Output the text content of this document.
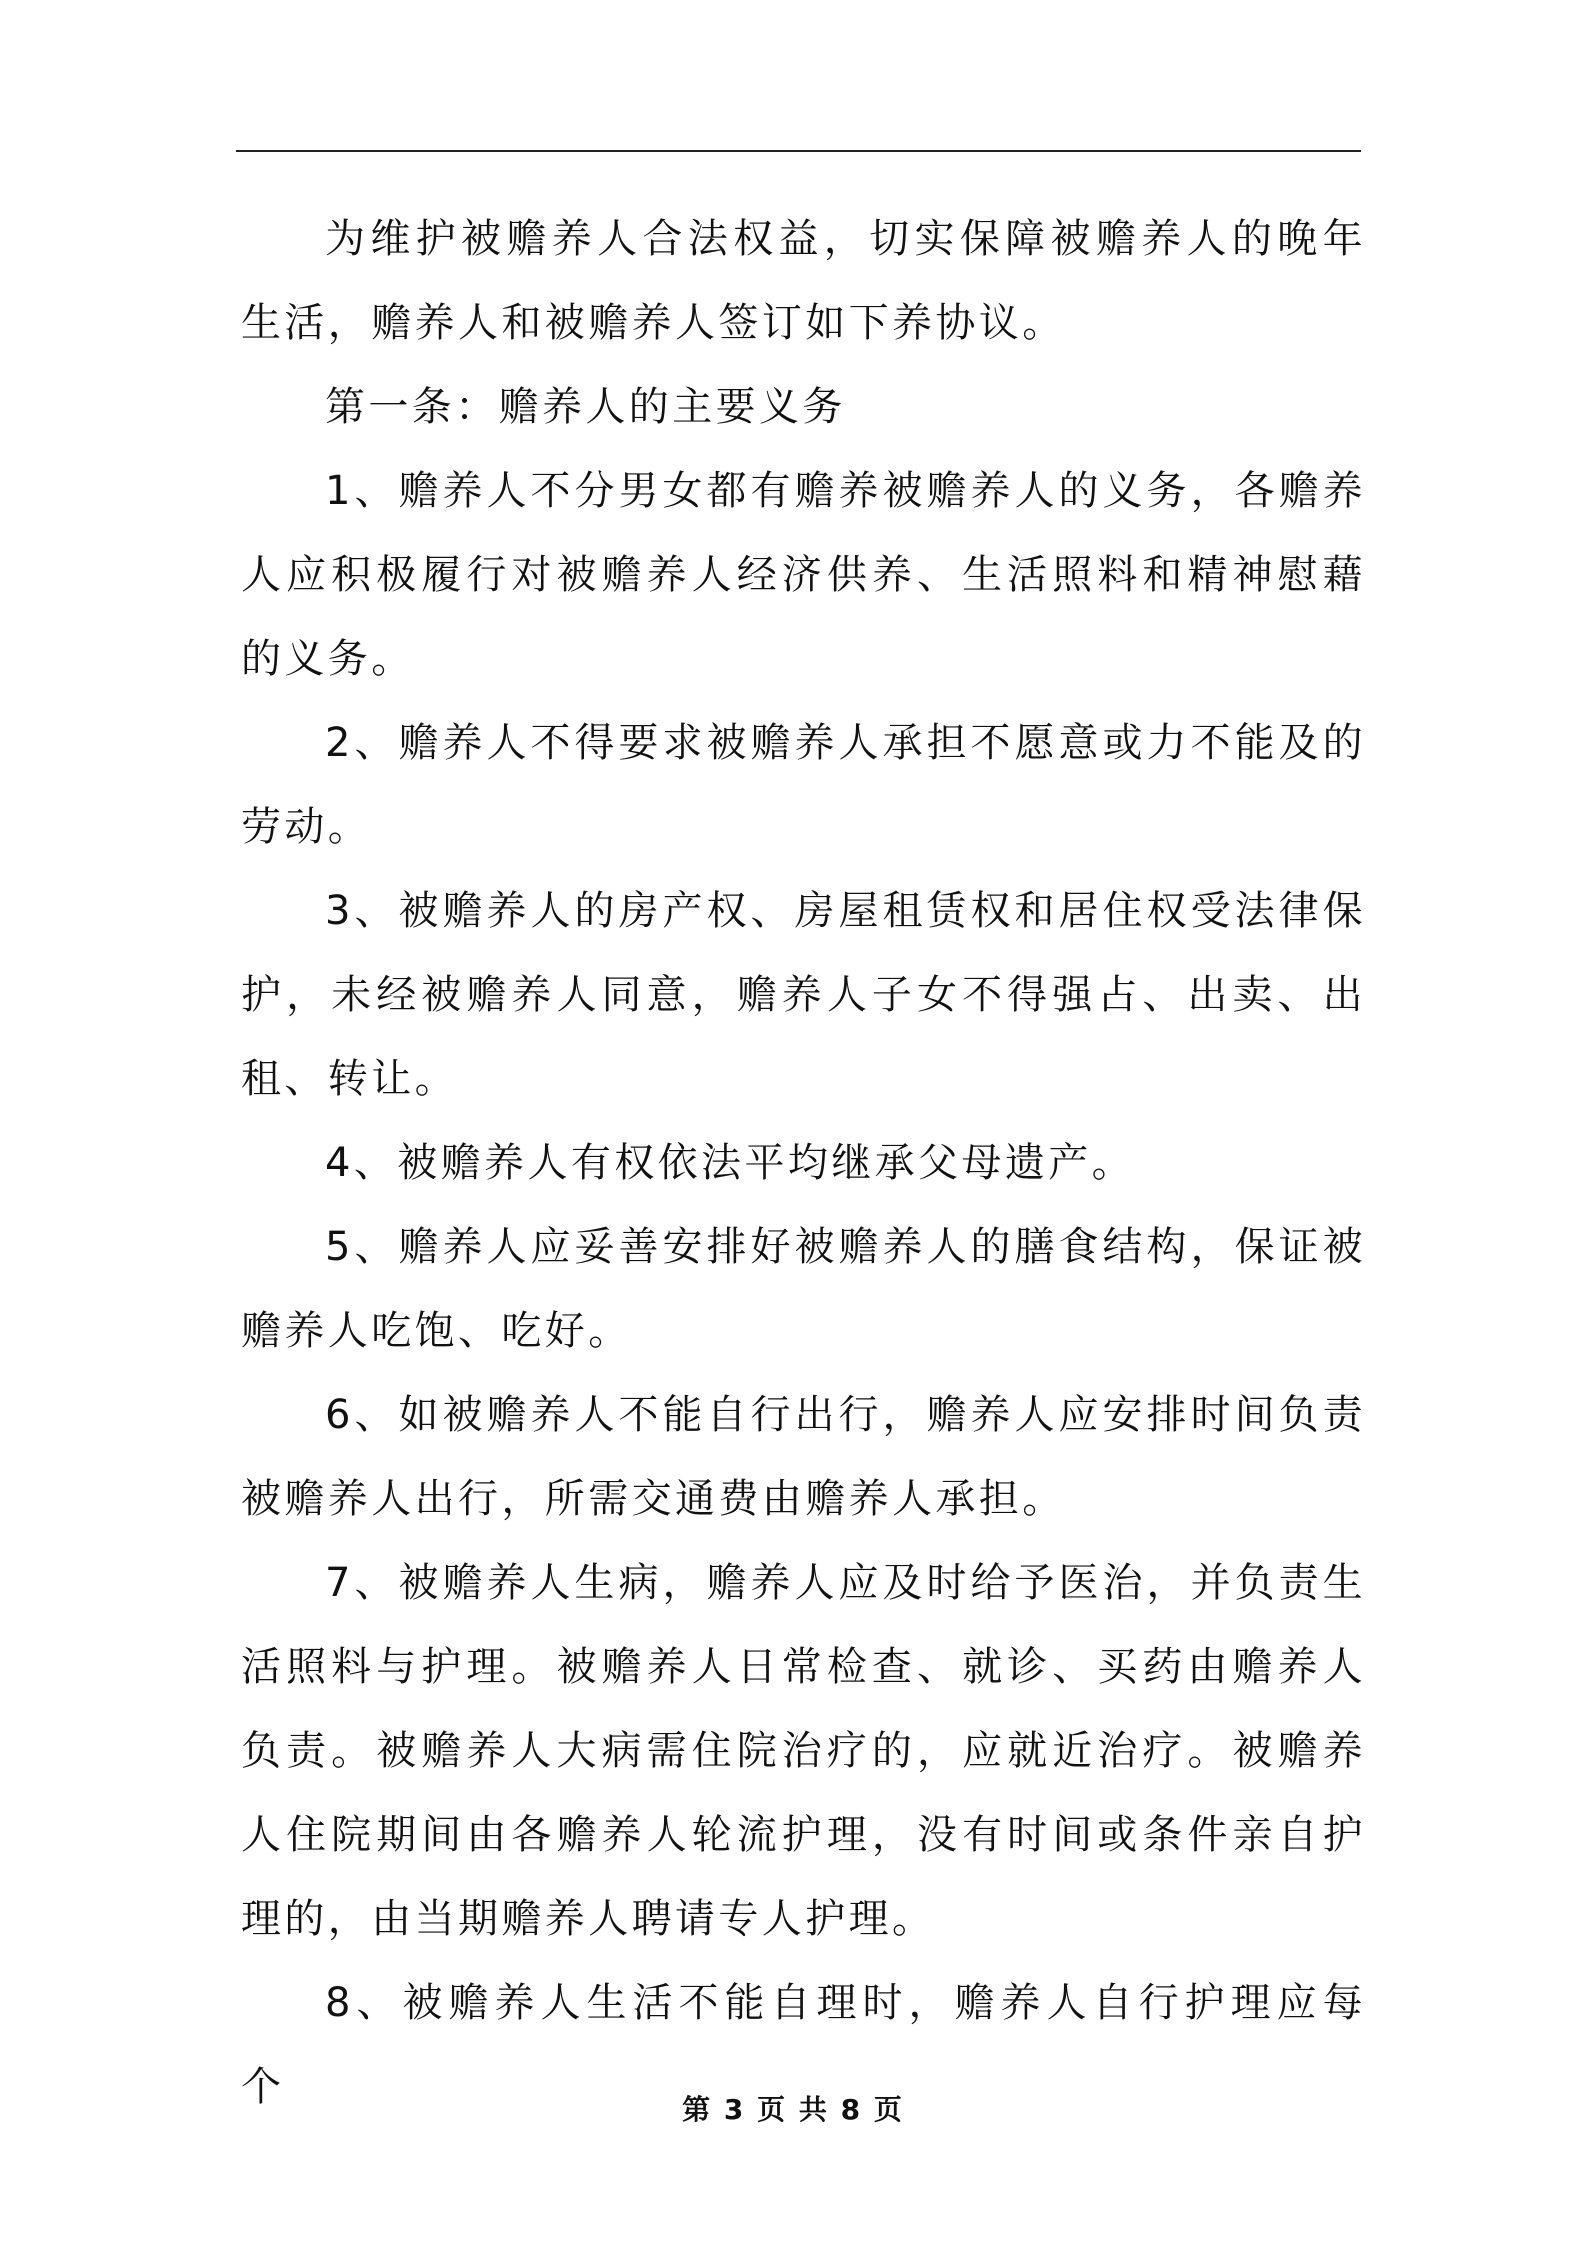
为维护被赡养人合法权益，切实保障被赡养人的晚年生活，赡养人和被赡养人签订如下养协议。

第一条：赡养人的主要义务

1、赡养人不分男女都有赡养被赡养人的义务，各赡养人应积极履行对被赡养人经济供养、生活照料和精神慰藉的义务。

2、赡养人不得要求被赡养人承担不愿意或力不能及的劳动。

3、被赡养人的房产权、房屋租赁权和居住权受法律保护，未经被赡养人同意，赡养人子女不得强占、出卖、出租、转让。

4、被赡养人有权依法平均继承父母遗产。

5、赡养人应妥善安排好被赡养人的膳食结构，保证被赡养人吃饱、吃好。

6、如被赡养人不能自行出行，赡养人应安排时间负责被赡养人出行，所需交通费由赡养人承担。

7、被赡养人生病，赡养人应及时给予医治，并负责生活照料与护理。被赡养人日常检查、就诊、买药由赡养人负责。被赡养人大病需住院治疗的，应就近治疗。被赡养人住院期间由各赡养人轮流护理，没有时间或条件亲自护理的，由当期赡养人聘请专人护理。

8、被赡养人生活不能自理时，赡养人自行护理应每 个	第 3 页 共 8 页
